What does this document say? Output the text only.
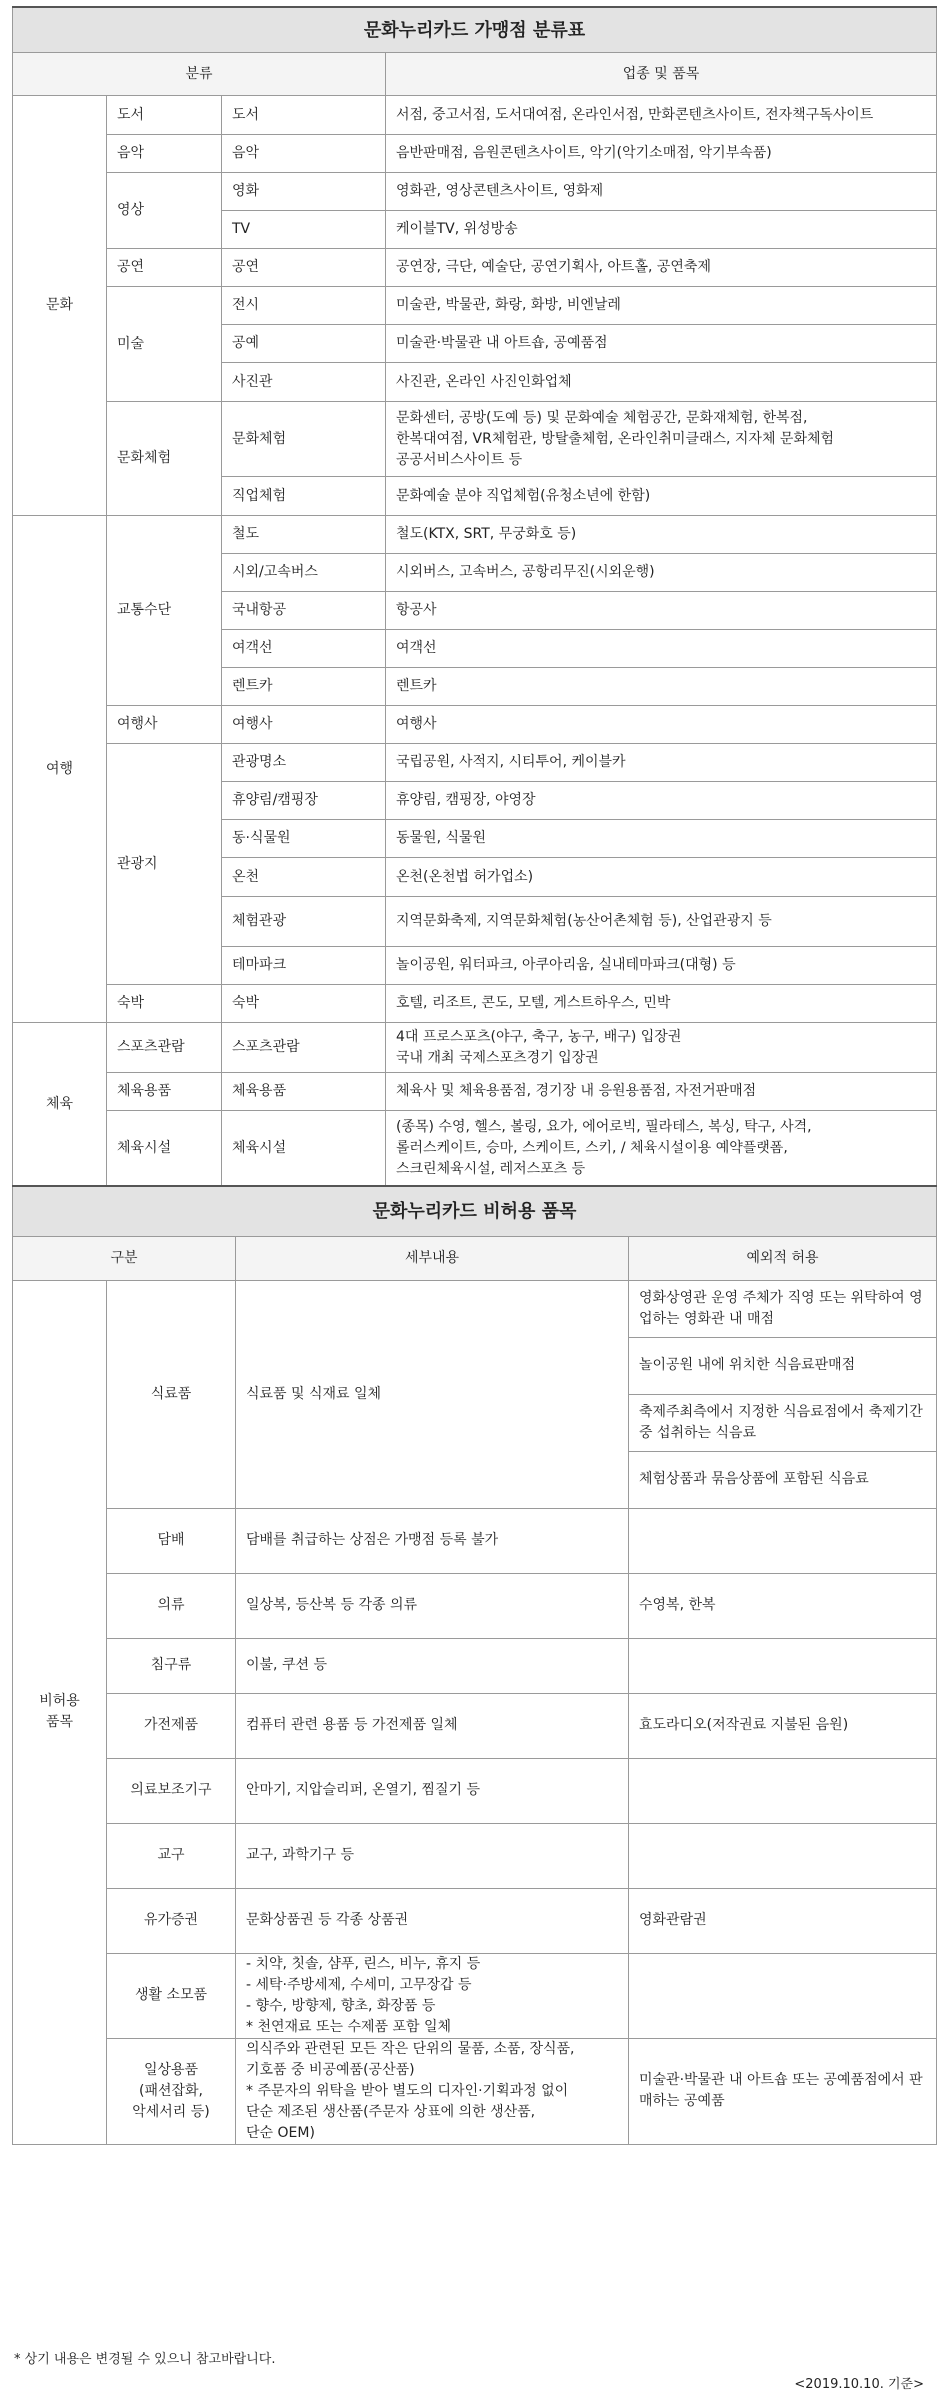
문화누리카드 가맹점 분류표			
분류			업종 및 품목
문화	도서	도서	서점, 중고서점, 도서대여점, 온라인서점, 만화콘텐츠사이트, 전자책구독사이트
	음악	음악	음반판매점, 음원콘텐츠사이트, 악기(악기소매점, 악기부속품)
	영상	영화	영화관, 영상콘텐츠사이트, 영화제
		TV	케이블TV, 위성방송
	공연	공연	공연장, 극단, 예술단, 공연기획사, 아트홀, 공연축제
	미술	전시	미술관, 박물관, 화랑, 화방, 비엔날레
		공예	미술관·박물관 내 아트숍, 공예품점
		사진관	사진관, 온라인 사진인화업체
	문화체험	문화체험	문화센터, 공방(도예 등) 및 문화예술 체험공간, 문화재체험, 한복점,
한복대여점, VR체험관, 방탈출체험, 온라인취미클래스, 지자체 문화체험
공공서비스사이트 등
		직업체험	문화예술 분야 직업체험(유청소년에 한함)
여행	교통수단	철도	철도(KTX, SRT, 무궁화호 등)
		시외/고속버스	시외버스, 고속버스, 공항리무진(시외운행)
		국내항공	항공사
		여객선	여객선
		렌트카	렌트카
	여행사	여행사	여행사
	관광지	관광명소	국립공원, 사적지, 시티투어, 케이블카
		휴양림/캠핑장	휴양림, 캠핑장, 야영장
		동·식물원	동물원, 식물원
		온천	온천(온천법 허가업소)
		체험관광	지역문화축제, 지역문화체험(농산어촌체험 등), 산업관광지 등
		테마파크	놀이공원, 워터파크, 아쿠아리움, 실내테마파크(대형) 등
	숙박	숙박	호텔, 리조트, 콘도, 모텔, 게스트하우스, 민박
체육	스포츠관람	스포츠관람	4대 프로스포츠(야구, 축구, 농구, 배구) 입장권
국내 개최 국제스포츠경기 입장권
	체육용품	체육용품	체육사 및 체육용품점, 경기장 내 응원용품점, 자전거판매점
	체육시설	체육시설	(종목) 수영, 헬스, 볼링, 요가, 에어로빅, 필라테스, 복싱, 탁구, 사격,
롤러스케이트, 승마, 스케이트, 스키, / 체육시설이용 예약플랫폼,
스크린체육시설, 레저스포츠 등
문화누리카드 비허용 품목			
구분		세부내용	예외적 허용
비허용
품목	식료품	식료품 및 식재료 일체	영화상영관 운영 주체가 직영 또는 위탁하여 영업하는 영화관 내 매점
			놀이공원 내에 위치한 식음료판매점
			축제주최측에서 지정한 식음료점에서 축제기간 중 섭취하는 식음료
			체험상품과 묶음상품에 포함된 식음료
	담배	담배를 취급하는 상점은 가맹점 등록 불가	
	의류	일상복, 등산복 등 각종 의류	수영복, 한복
	침구류	이불, 쿠션 등	
	가전제품	컴퓨터 관련 용품 등 가전제품 일체	효도라디오(저작권료 지불된 음원)
	의료보조기구	안마기, 지압슬리퍼, 온열기, 찜질기 등	
	교구	교구, 과학기구 등	
	유가증권	문화상품권 등 각종 상품권	영화관람권
	생활 소모품	- 치약, 칫솔, 샴푸, 린스, 비누, 휴지 등
- 세탁·주방세제, 수세미, 고무장갑 등
- 향수, 방향제, 향초, 화장품 등
* 천연재료 또는 수제품 포함 일체	
	일상용품
(패션잡화,
악세서리 등)	의식주와 관련된 모든 작은 단위의 물품, 소품, 장식품,
기호품 중 비공예품(공산품)
* 주문자의 위탁을 받아 별도의 디자인·기획과정 없이
단순 제조된 생산품(주문자 상표에 의한 생산품,
단순 OEM)	미술관·박물관 내 아트숍 또는 공예품점에서 판매하는 공예품
* 상기 내용은 변경될 수 있으니 참고바랍니다.
<2019.10.10. 기준>
